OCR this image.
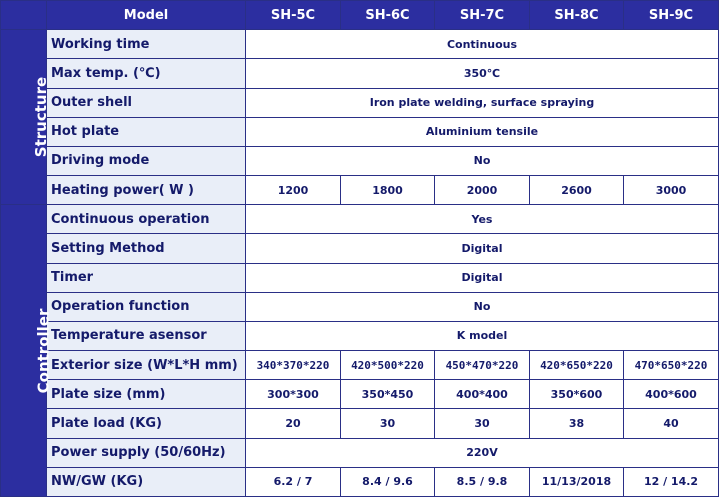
	Model	SH-5C	SH-6C	SH-7C	SH-8C	SH-9C
Structure	Working time	Continuous				
	Max temp. (℃)	350℃				
	Outer shell	Iron plate welding, surface spraying				
	Hot plate	Aluminium tensile				
	Driving mode	No				
	Heating power( W )	1200	1800	2000	2600	3000
Controller	Continuous operation	Yes				
	Setting Method	Digital				
	Timer	Digital				
	Operation function	No				
	Temperature asensor	K model				
	Exterior size (W*L*H mm)	340*370*220	420*500*220	450*470*220	420*650*220	470*650*220
	Plate size (mm)	300*300	350*450	400*400	350*600	400*600
	Plate load (KG)	20	30	30	38	40
	Power supply (50/60Hz)	220V				
	NW/GW (KG)	6.2 / 7	8.4 / 9.6	8.5 / 9.8	11/13/2018	12 / 14.2
